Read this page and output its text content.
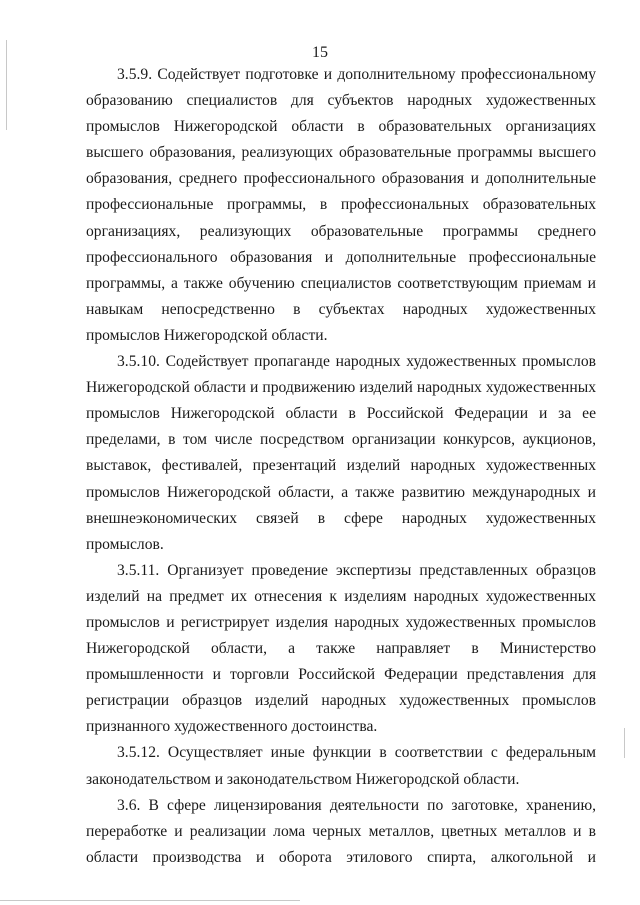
15

3.5.9. Содействует подготовке и дополнительному профессиональному образованию специалистов для субъектов народных художественных промыслов Нижегородской области в образовательных организациях высшего образования, реализующих образовательные программы высшего образования, среднего профессионального образования и дополнительные профессиональные программы, в профессиональных образовательных организациях, реализующих образовательные программы среднего профессионального образования и дополнительные профессиональные программы, а также обучению специалистов соответствующим приемам и навыкам непосредственно в субъектах народных художественных промыслов Нижегородской области.

3.5.10. Содействует пропаганде народных художественных промыслов Нижегородской области и продвижению изделий народных художественных промыслов Нижегородской области в Российской Федерации и за ее пределами, в том числе посредством организации конкурсов, аукционов, выставок, фестивалей, презентаций изделий народных художественных промыслов Нижегородской области, а также развитию международных и внешнеэкономических связей в сфере народных художественных промыслов.

3.5.11. Организует проведение экспертизы представленных образцов изделий на предмет их отнесения к изделиям народных художественных промыслов и регистрирует изделия народных художественных промыслов Нижегородской области, а также направляет в Министерство промышленности и торговли Российской Федерации представления для регистрации образцов изделий народных художественных промыслов признанного художественного достоинства.

3.5.12. Осуществляет иные функции в соответствии с федеральным законодательством и законодательством Нижегородской области.

3.6. В сфере лицензирования деятельности по заготовке, хранению, переработке и реализации лома черных металлов, цветных металлов и в области производства и оборота этилового спирта, алкогольной и
